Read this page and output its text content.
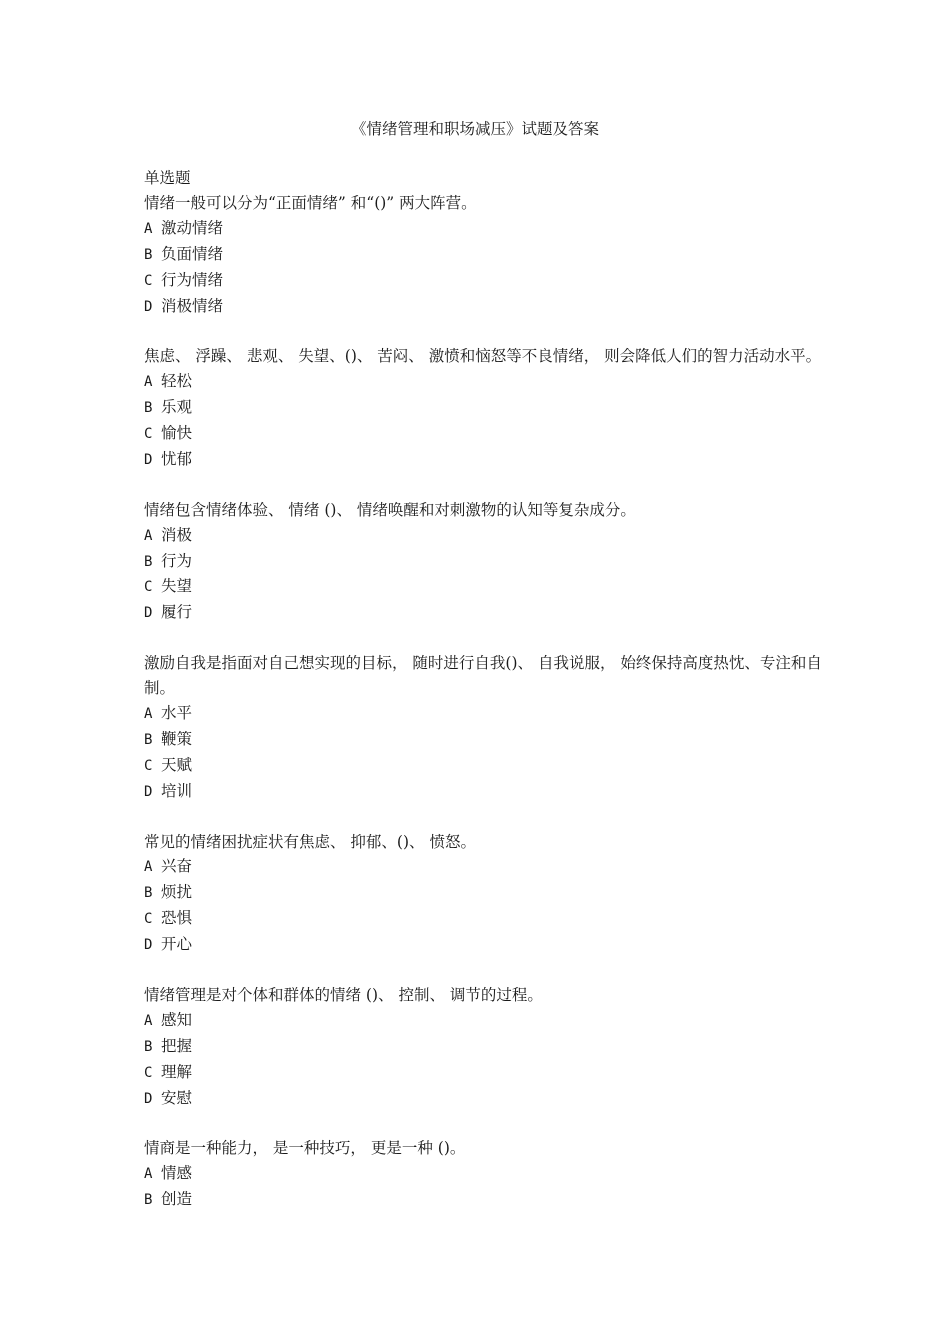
《情绪管理和职场减压》试题及答案
单选题

情绪一般可以分为“正面情绪” 和“()” 两大阵营。

A 激动情绪
B 负面情绪
C 行为情绪
D 消极情绪

焦虑、 浮躁、 悲观、 失望、()、 苦闷、 激愤和恼怒等不良情绪， 则会降低人们的智力活动水平。

A 轻松
B 乐观
C 愉快
D 忧郁

情绪包含情绪体验、 情绪 ()、 情绪唤醒和对刺激物的认知等复杂成分。

A 消极
B 行为
C 失望
D 履行

激励自我是指面对自己想实现的目标， 随时进行自我()、 自我说服， 始终保持高度热忱、专注和自制。

A 水平
B 鞭策
C 天赋
D 培训

常见的情绪困扰症状有焦虑、 抑郁、()、 愤怒。

A 兴奋
B 烦扰
C 恐惧
D 开心

情绪管理是对个体和群体的情绪 ()、 控制、 调节的过程。

A 感知
B 把握
C 理解
D 安慰

情商是一种能力， 是一种技巧， 更是一种 ()。

A 情感
B 创造
